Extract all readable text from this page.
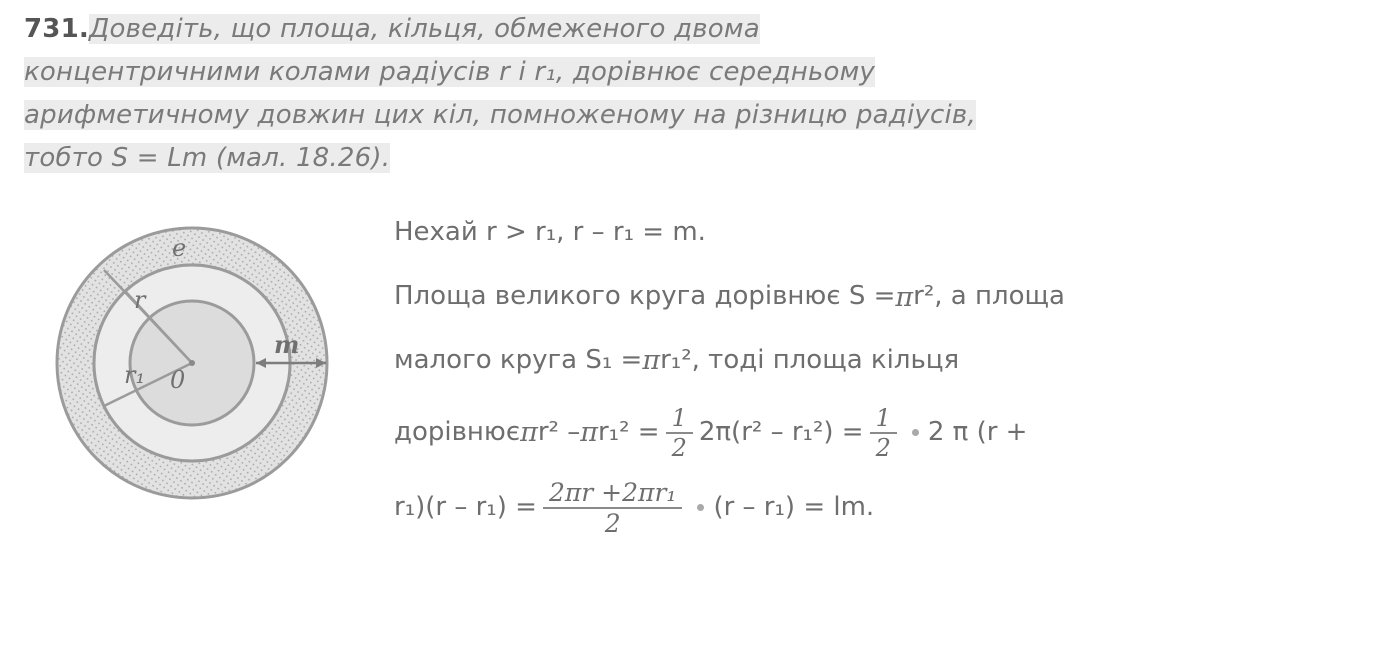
731.Доведіть, що площа, кільця, обмеженого двома
концентричними колами радіусів r і r₁, дорівнює середньому
арифметичному довжин цих кіл, помноженому на різницю радіусів,
тобто S = Lm (мал. 18.26).
e
r
r₁ 0
m
Нехай r > r₁, r – r₁ = m.
Площа великого круга дорівнює S = π r² , а площа
малого круга S₁ = π r₁² , тоді площа кільця
дорівнює π r² – π $r_1^2 = \frac{1}{2} 2\pi(r^2 - r_1^2) = \frac{1}{2} 2$ π (r +
$r_1)(r - r_1) = \frac{\text{2πr +2πr₁}}{2} (r - r_1)$ = lm.
